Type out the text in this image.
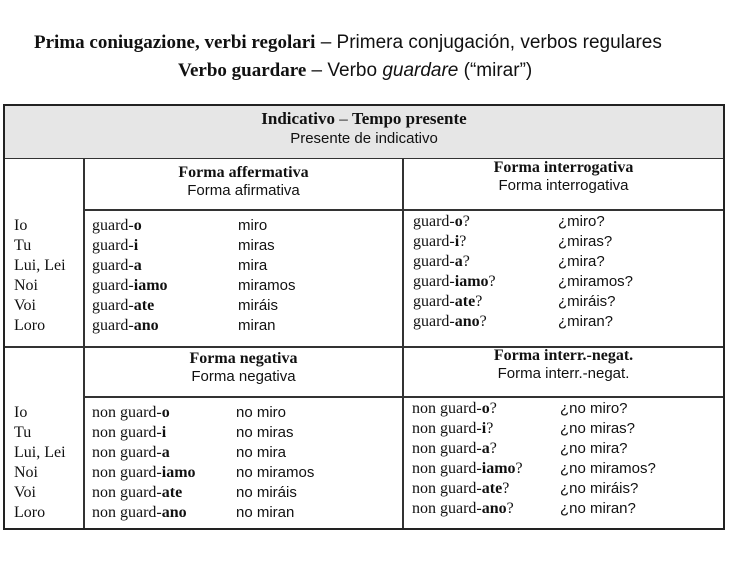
Prima coniugazione, verbi regolari – Primera conjugación, verbos regulares
Verbo guardare – Verbo guardare (“mirar”)
Indicativo – Tempo presente
Presente de indicativo
Forma affermativa
Forma afirmativa
Forma interrogativa
Forma interrogativa
Forma negativa
Forma negativa
Forma interr.-negat.
Forma interr.-negat.
Io
Tu
Lui, Lei
Noi
Voi
Loro
Io
Tu
Lui, Lei
Noi
Voi
Loro
guard-o
guard-i
guard-a
guard-iamo
guard-ate
guard-ano
miro
miras
mira
miramos
miráis
miran
guard-o?
guard-i?
guard-a?
guard-iamo?
guard-ate?
guard-ano?
¿miro?
¿miras?
¿mira?
¿miramos?
¿miráis?
¿miran?
non guard-o
non guard-i
non guard-a
non guard-iamo
non guard-ate
non guard-ano
no miro
no miras
no mira
no miramos
no miráis
no miran
non guard-o?
non guard-i?
non guard-a?
non guard-iamo?
non guard-ate?
non guard-ano?
¿no miro?
¿no miras?
¿no mira?
¿no miramos?
¿no miráis?
¿no miran?
